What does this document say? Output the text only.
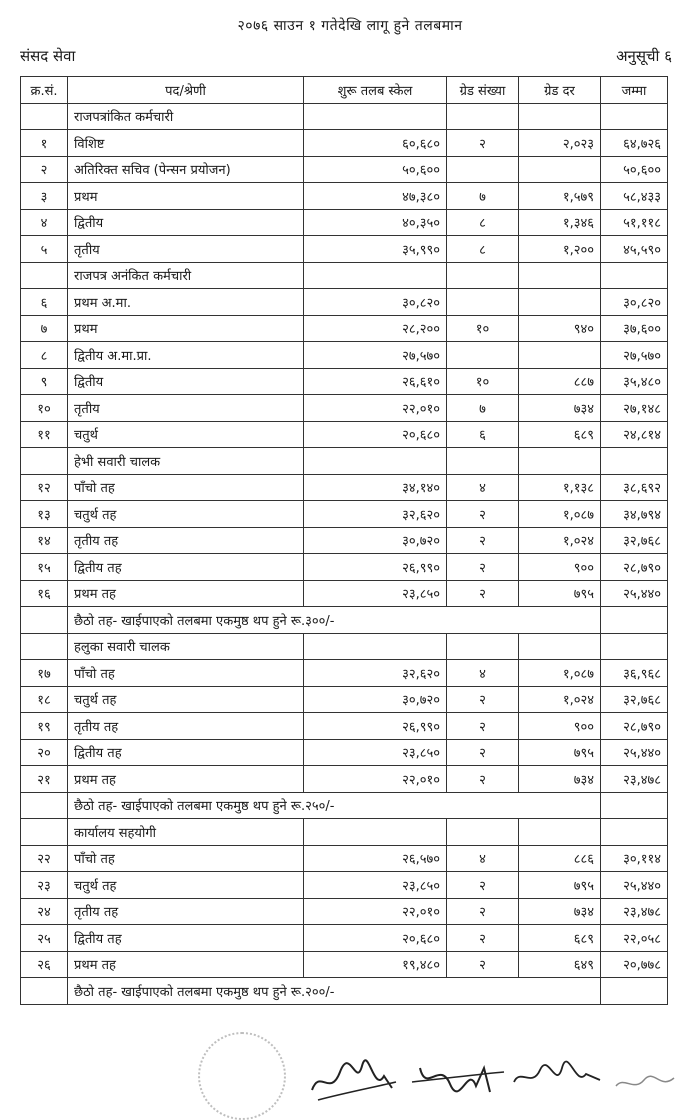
२०७६ साउन १ गतेदेखि लागू हुने तलबमान
संसद सेवा	अनुसूची ६
क्र.सं.	पद/श्रेणी	शुरू तलब स्केल	ग्रेड संख्या	ग्रेड दर	जम्मा
	राजपत्रांकित कर्मचारी				
१	विशिष्ट	६०,६८०	२	२,०२३	६४,७२६
२	अतिरिक्त सचिव (पेन्सन प्रयोजन)	५०,६००			५०,६००
३	प्रथम	४७,३८०	७	१,५७९	५८,४३३
४	द्वितीय	४०,३५०	८	१,३४६	५१,११८
५	तृतीय	३५,९९०	८	१,२००	४५,५९०
	राजपत्र अनंकित कर्मचारी				
६	प्रथम अ.मा.	३०,८२०			३०,८२०
७	प्रथम	२८,२००	१०	९४०	३७,६००
८	द्वितीय अ.मा.प्रा.	२७,५७०			२७,५७०
९	द्वितीय	२६,६१०	१०	८८७	३५,४८०
१०	तृतीय	२२,०१०	७	७३४	२७,१४८
११	चतुर्थ	२०,६८०	६	६८९	२४,८१४
	हेभी सवारी चालक				
१२	पाँचो तह	३४,१४०	४	१,१३८	३८,६९२
१३	चतुर्थ तह	३२,६२०	२	१,०८७	३४,७९४
१४	तृतीय तह	३०,७२०	२	१,०२४	३२,७६८
१५	द्वितीय तह	२६,९९०	२	९००	२८,७९०
१६	प्रथम तह	२३,८५०	२	७९५	२५,४४०
	छैठो तह- खाईपाएको तलबमा एकमुष्ठ थप हुने रू.३००/-				
	हलुका सवारी चालक				
१७	पाँचो तह	३२,६२०	४	१,०८७	३६,९६८
१८	चतुर्थ तह	३०,७२०	२	१,०२४	३२,७६८
१९	तृतीय तह	२६,९९०	२	९००	२८,७९०
२०	द्वितीय तह	२३,८५०	२	७९५	२५,४४०
२१	प्रथम तह	२२,०१०	२	७३४	२३,४७८
	छैठो तह- खाईपाएको तलबमा एकमुष्ठ थप हुने रू.२५०/-				
	कार्यालय सहयोगी				
२२	पाँचो तह	२६,५७०	४	८८६	३०,११४
२३	चतुर्थ तह	२३,८५०	२	७९५	२५,४४०
२४	तृतीय तह	२२,०१०	२	७३४	२३,४७८
२५	द्वितीय तह	२०,६८०	२	६८९	२२,०५८
२६	प्रथम तह	१९,४८०	२	६४९	२०,७७८
	छैठो तह- खाईपाएको तलबमा एकमुष्ठ थप हुने रू.२००/-				
